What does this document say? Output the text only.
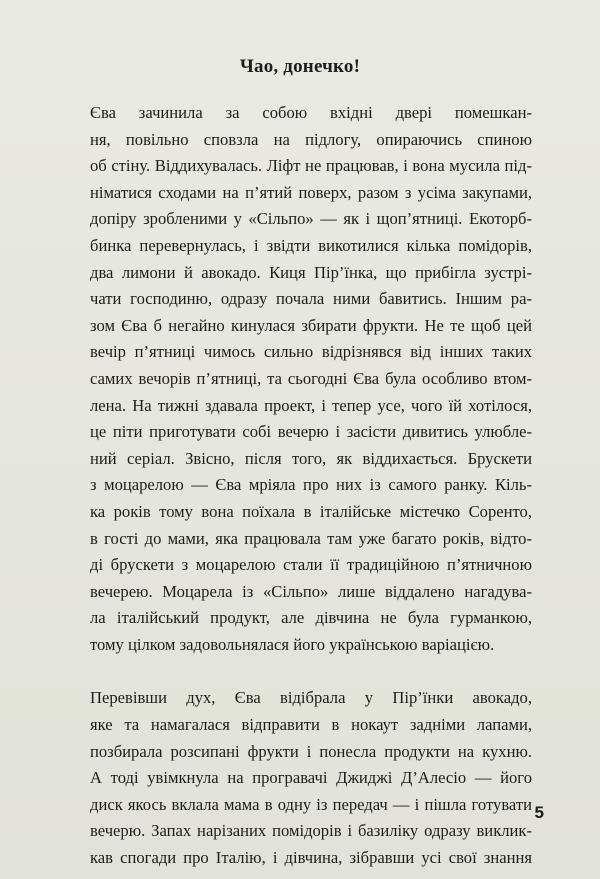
Чао, донечко!

Єва зачинила за собою вхідні двері помешкан-
ня, повільно сповзла на підлогу, опираючись спиною
об стіну. Віддихувалась. Ліфт не працював, і вона мусила під-
німатися сходами на п’ятий поверх, разом з усіма закупами,
допіру зробленими у «Сільпо» — як і щоп’ятниці. Екоторб-
бинка перевернулась, і звідти викотилися кілька помідорів,
два лимони й авокадо. Киця Пір’їнка, що прибігла зустрі-
чати господиню, одразу почала ними бавитись. Іншим ра-
зом Єва б негайно кинулася збирати фрукти. Не те щоб цей
вечір п’ятниці чимось сильно відрізнявся від інших таких
самих вечорів п’ятниці, та сьогодні Єва була особливо втом-
лена. На тижні здавала проект, і тепер усе, чого їй хотілося,
це піти приготувати собі вечерю і засісти дивитись улюбле-
ний серіал. Звісно, після того, як віддихається. Брускети
з моцарелою — Єва мріяла про них із самого ранку. Кіль-
ка років тому вона поїхала в італійське містечко Соренто,
в гості до мами, яка працювала там уже багато років, відто-
ді брускети з моцарелою стали її традиційною п’ятничною
вечерею. Моцарела із «Сільпо» лише віддалено нагадува-
ла італійський продукт, але дівчина не була гурманкою,
тому цілком задовольнялася його українською варіацією.

Перевівши дух, Єва відібрала у Пір’їнки авокадо,
яке та намагалася відправити в нокаут задніми лапами,
позбирала розсипані фрукти і понесла продукти на кухню.
А тоді увімкнула на програвачі Джиджі Д’Алесіо — його
диск якось вклала мама в одну із передач — і пішла готувати
вечерю. Запах нарізаних помідорів і базиліку одразу виклик-
кав спогади про Італію, і дівчина, зібравши усі свої знання

5
